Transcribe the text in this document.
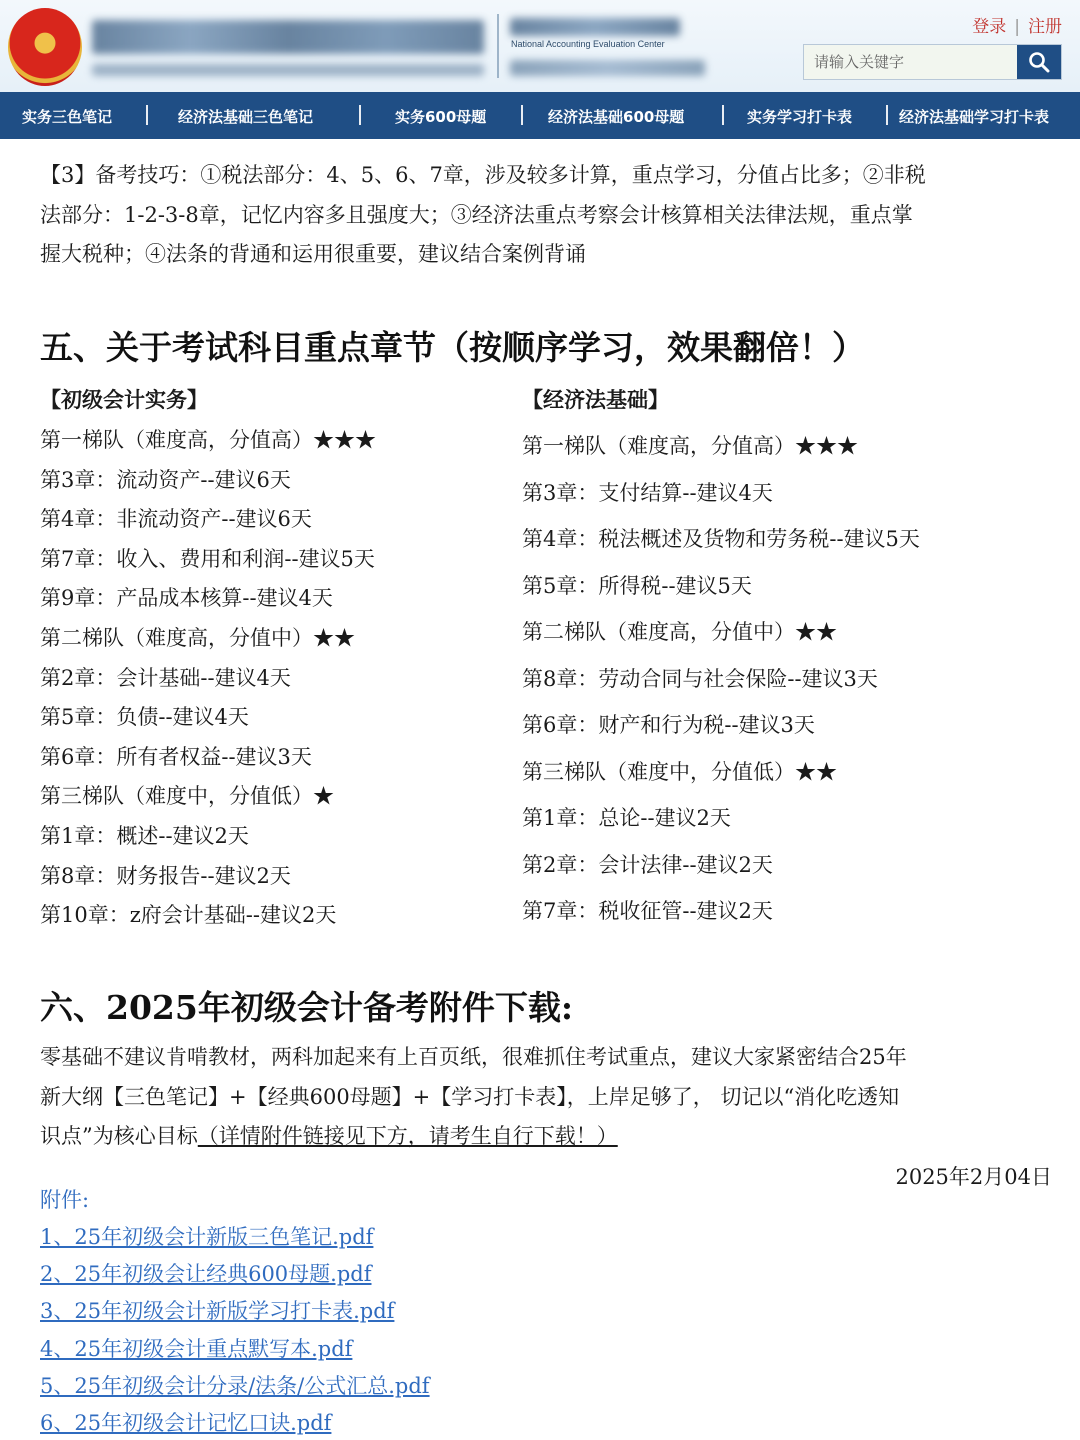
National Accounting Evaluation Center
登录 | 注册
请输入关键字
实务三色笔记	经济法基础三色笔记	实务600母题	经济法基础600母题	实务学习打卡表	经济法基础学习打卡表
【3】备考技巧：①税法部分：4、5、6、7章，涉及较多计算，重点学习，分值占比多；②非税
法部分：1-2-3-8章，记忆内容多且强度大；③经济法重点考察会计核算相关法律法规，重点掌
握大税种；④法条的背通和运用很重要，建议结合案例背诵
五、关于考试科目重点章节（按顺序学习，效果翻倍！）
【初级会计实务】	【经济法基础】
第一梯队（难度高，分值高）★★★
第3章：流动资产--建议6天
第4章：非流动资产--建议6天
第7章：收入、费用和利润--建议5天
第9章：产品成本核算--建议4天
第二梯队（难度高，分值中）★★
第2章：会计基础--建议4天
第5章：负债--建议4天
第6章：所有者权益--建议3天
第三梯队（难度中，分值低）★
第1章：概述--建议2天
第8章：财务报告--建议2天
第10章：z府会计基础--建议2天
第一梯队（难度高，分值高）★★★
第3章：支付结算--建议4天
第4章：税法概述及货物和劳务税--建议5天
第5章：所得税--建议5天
第二梯队（难度高，分值中）★★
第8章：劳动合同与社会保险--建议3天
第6章：财产和行为税--建议3天
第三梯队（难度中，分值低）★★
第1章：总论--建议2天
第2章：会计法律--建议2天
第7章：税收征管--建议2天
六、2025年初级会计备考附件下载:
零基础不建议肯啃教材，两科加起来有上百页纸，很难抓住考试重点，建议大家紧密结合25年
新大纲【三色笔记】+【经典600母题】+【学习打卡表】，上岸足够了， 切记以“消化吃透知
识点”为核心目标（详情附件链接见下方，请考生自行下载！）
2025年2月04日
附件:
1、25年初级会计新版三色笔记.pdf
2、25年初级会让经典600母题.pdf
3、25年初级会计新版学习打卡表.pdf
4、25年初级会计重点默写本.pdf
5、25年初级会计分录/法条/公式汇总.pdf
6、25年初级会计记忆口诀.pdf
